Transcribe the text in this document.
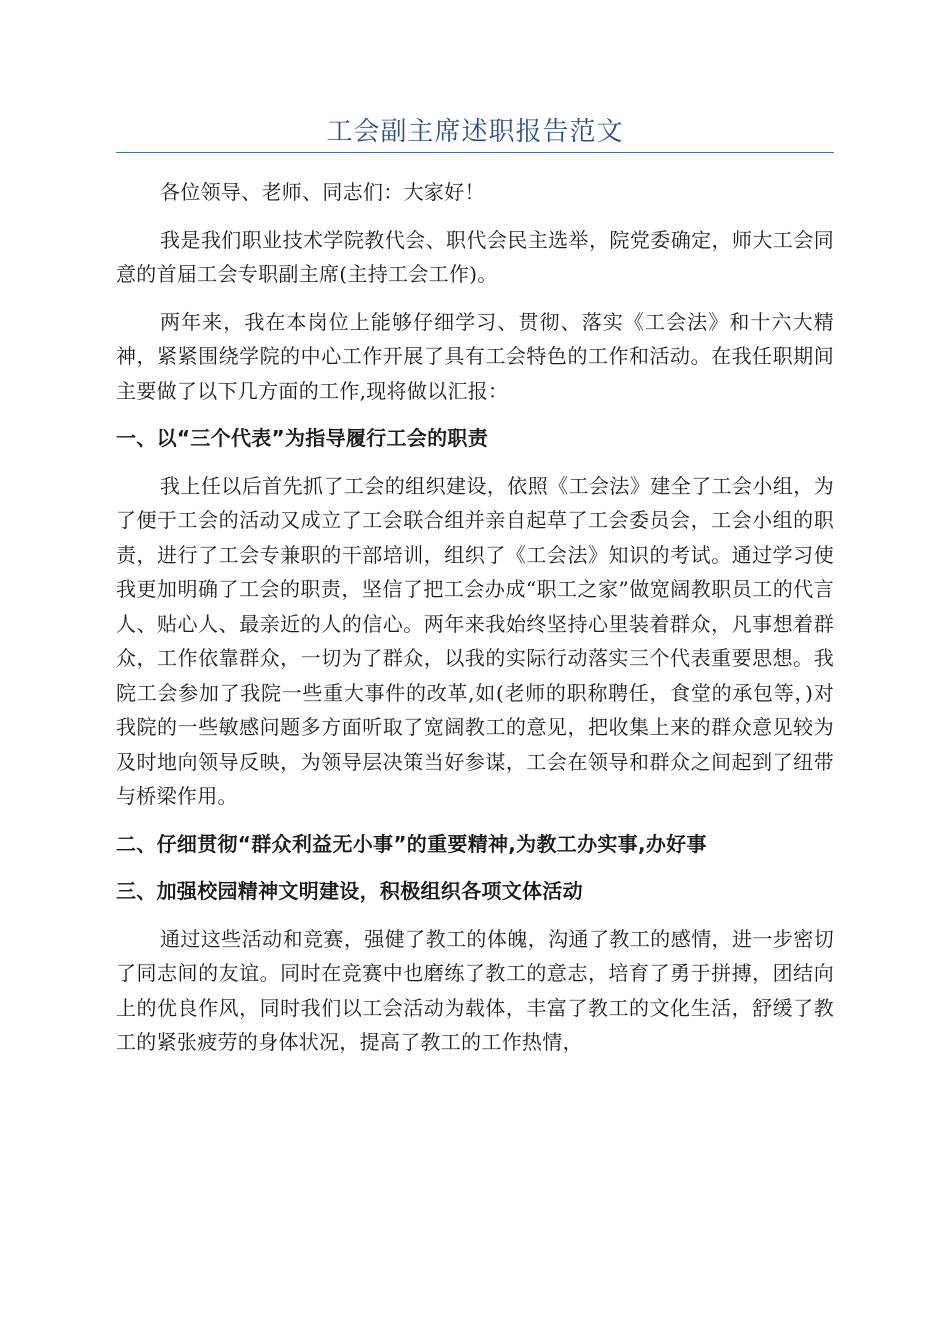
工会副主席述职报告范文

各位领导、老师、同志们：大家好！

我是我们职业技术学院教代会、职代会民主选举，院党委确定，师大工会同意的首届工会专职副主席(主持工会工作)。

两年来，我在本岗位上能够仔细学习、贯彻、落实《工会法》和十六大精神，紧紧围绕学院的中心工作开展了具有工会特色的工作和活动。在我任职期间主要做了以下几方面的工作,现将做以汇报：

一、以“三个代表”为指导履行工会的职责

我上任以后首先抓了工会的组织建设，依照《工会法》建全了工会小组，为了便于工会的活动又成立了工会联合组并亲自起草了工会委员会，工会小组的职责，进行了工会专兼职的干部培训，组织了《工会法》知识的考试。通过学习使我更加明确了工会的职责，坚信了把工会办成“职工之家”做宽阔教职员工的代言人、贴心人、最亲近的人的信心。两年来我始终坚持心里装着群众，凡事想着群众，工作依靠群众，一切为了群众，以我的实际行动落实三个代表重要思想。我院工会参加了我院一些重大事件的改革,如(老师的职称聘任，食堂的承包等，)对我院的一些敏感问题多方面听取了宽阔教工的意见，把收集上来的群众意见较为及时地向领导反映，为领导层决策当好参谋，工会在领导和群众之间起到了纽带与桥梁作用。

二、仔细贯彻“群众利益无小事”的重要精神,为教工办实事,办好事

三、加强校园精神文明建设，积极组织各项文体活动

通过这些活动和竞赛，强健了教工的体魄，沟通了教工的感情，进一步密切了同志间的友谊。同时在竞赛中也磨练了教工的意志，培育了勇于拼搏，团结向上的优良作风，同时我们以工会活动为载体，丰富了教工的文化生活，舒缓了教工的紧张疲劳的身体状况，提高了教工的工作热情，
